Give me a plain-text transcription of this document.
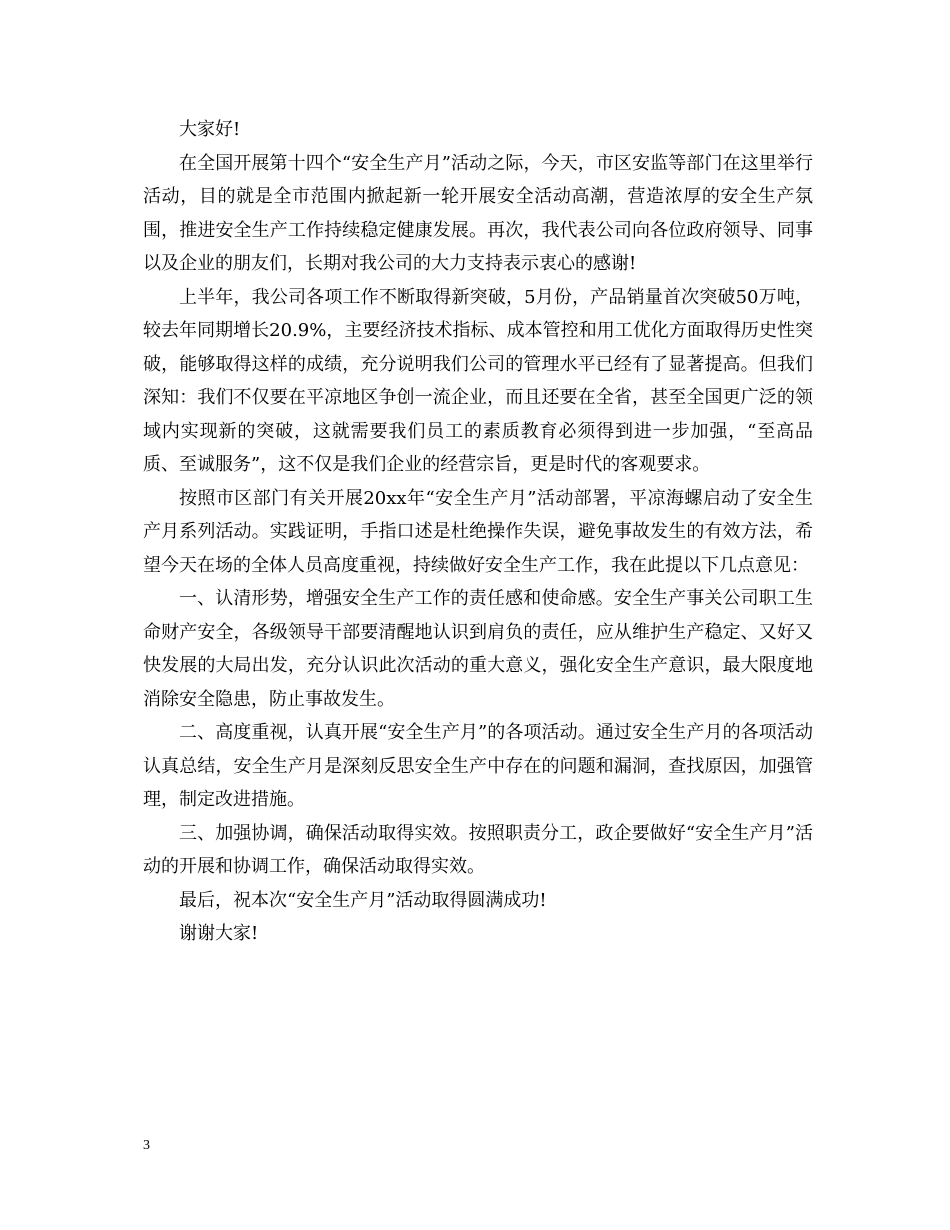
大家好!

在全国开展第十四个“安全生产月”活动之际，今天，市区安监等部门在这里举行 活动，目的就是全市范围内掀起新一轮开展安全活动高潮，营造浓厚的安全生产氛围，推进安全生产工作持续稳定健康发展。再次，我代表公司向各位政府领导、同事以及企业的朋友们，长期对我公司的大力支持表示衷心的感谢!

上半年，我公司各项工作不断取得新突破，5月份，产品销量首次突破50万吨，较去年同期增长20.9%，主要经济技术指标、成本管控和用工优化方面取得历史性突破，能够取得这样的成绩，充分说明我们公司的管理水平已经有了显著提高。但我们深知：我们不仅要在平凉地区争创一流企业，而且还要在全省，甚至全国更广泛的领域内实现新的突破，这就需要我们员工的素质教育必须得到进一步加强，“至高品质、至诚服务”，这不仅是我们企业的经营宗旨，更是时代的客观要求。

按照市区部门有关开展20xx年“安全生产月”活动部署，平凉海螺启动了安全生产月系列活动。实践证明，手指口述是杜绝操作失误，避免事故发生的有效方法，希望今天在场的全体人员高度重视，持续做好安全生产工作，我在此提以下几点意见：

一、认清形势，增强安全生产工作的责任感和使命感。安全生产事关公司职工生命财产安全，各级领导干部要清醒地认识到肩负的责任，应从维护生产稳定、又好又快发展的大局出发，充分认识此次活动的重大意义，强化安全生产意识，最大限度地消除安全隐患，防止事故发生。

二、高度重视，认真开展“安全生产月”的各项活动。通过安全生产月的各项活动认真总结，安全生产月是深刻反思安全生产中存在的问题和漏洞，查找原因，加强管理，制定改进措施。

三、加强协调，确保活动取得实效。按照职责分工，政企要做好“安全生产月”活动的开展和协调工作，确保活动取得实效。

最后，祝本次“安全生产月”活动取得圆满成功!

谢谢大家!

3
